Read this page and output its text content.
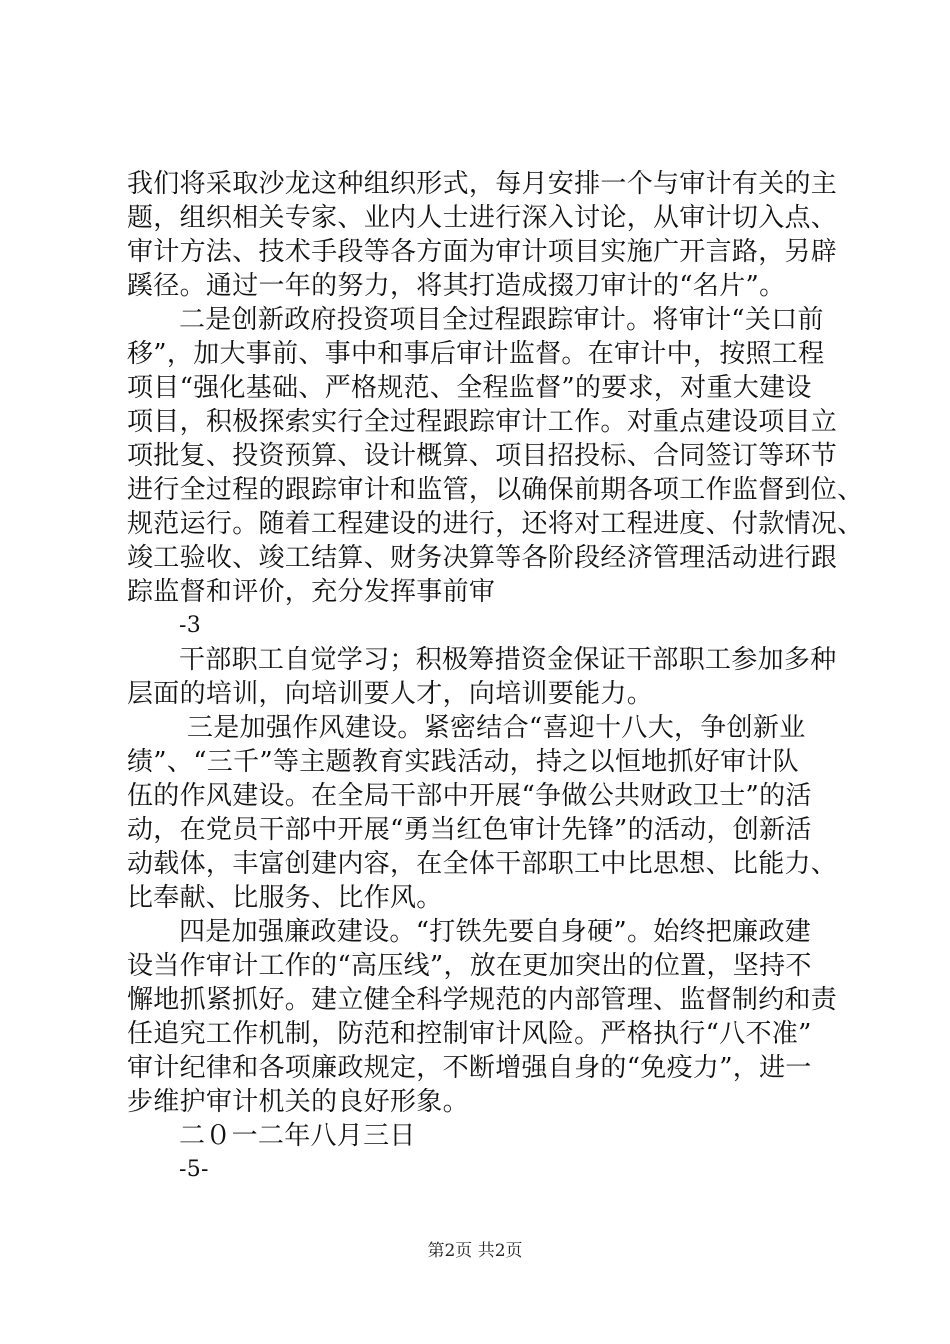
我们将采取沙龙这种组织形式，每月安排一个与审计有关的主
题，组织相关专家、业内人士进行深入讨论，从审计切入点、
审计方法、技术手段等各方面为审计项目实施广开言路，另辟
蹊径。通过一年的努力，将其打造成掇刀审计的“名片”。
二是创新政府投资项目全过程跟踪审计。将审计“关口前
移”，加大事前、事中和事后审计监督。在审计中，按照工程
项目“强化基础、严格规范、全程监督”的要求，对重大建设
项目，积极探索实行全过程跟踪审计工作。对重点建设项目立
项批复、投资预算、设计概算、项目招投标、合同签订等环节
进行全过程的跟踪审计和监管，以确保前期各项工作监督到位、
规范运行。随着工程建设的进行，还将对工程进度、付款情况、
竣工验收、竣工结算、财务决算等各阶段经济管理活动进行跟
踪监督和评价，充分发挥事前审
-3
干部职工自觉学习；积极筹措资金保证干部职工参加多种
层面的培训，向培训要人才，向培训要能力。
三是加强作风建设。紧密结合“喜迎十八大，争创新业
绩”、“三千”等主题教育实践活动，持之以恒地抓好审计队
伍的作风建设。在全局干部中开展“争做公共财政卫士”的活
动，在党员干部中开展“勇当红色审计先锋”的活动，创新活
动载体，丰富创建内容，在全体干部职工中比思想、比能力、
比奉献、比服务、比作风。
四是加强廉政建设。“打铁先要自身硬”。始终把廉政建
设当作审计工作的“高压线”，放在更加突出的位置，坚持不
懈地抓紧抓好。建立健全科学规范的内部管理、监督制约和责
任追究工作机制，防范和控制审计风险。严格执行“八不准”
审计纪律和各项廉政规定，不断增强自身的“免疫力”，进一
步维护审计机关的良好形象。
二０一二年八月三日
-5-
第2页 共2页
